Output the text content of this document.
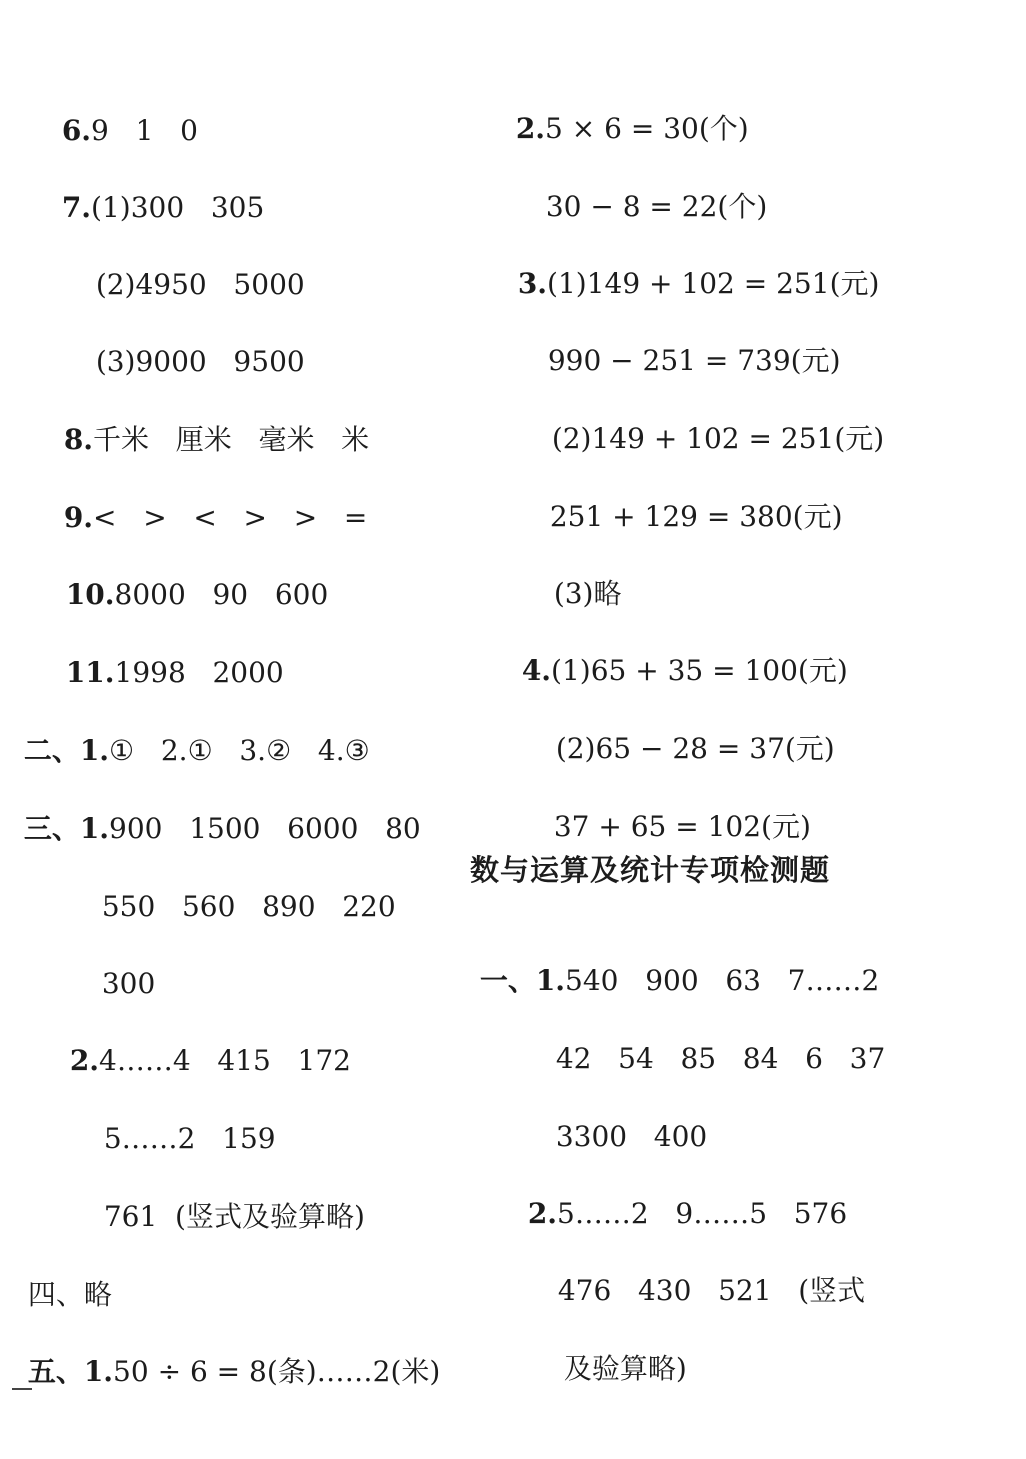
6.9   1   0

7.(1)300   305

(2)4950   5000

(3)9000   9500

8.千米   厘米   毫米   米

9.<   >   <   >   >   =

10.8000   90   600

11.1998   2000

二、1.①   2.①   3.②   4.③

三、1.900   1500   6000   80

550   560   890   220

300

2.4……4   415   172

5……2   159

761  (竖式及验算略)

四、略

五、1.50 ÷ 6 = 8(条)……2(米)

2.5 × 6 = 30(个)

30 − 8 = 22(个)

3.(1)149 + 102 = 251(元)

990 − 251 = 739(元)

(2)149 + 102 = 251(元)

251 + 129 = 380(元)

(3)略

4.(1)65 + 35 = 100(元)

(2)65 − 28 = 37(元)

37 + 65 = 102(元)

数与运算及统计专项检测题

一、1.540   900   63   7……2

42   54   85   84   6   37

3300   400

2.5……2   9……5   576

476   430   521   (竖式

及验算略)
